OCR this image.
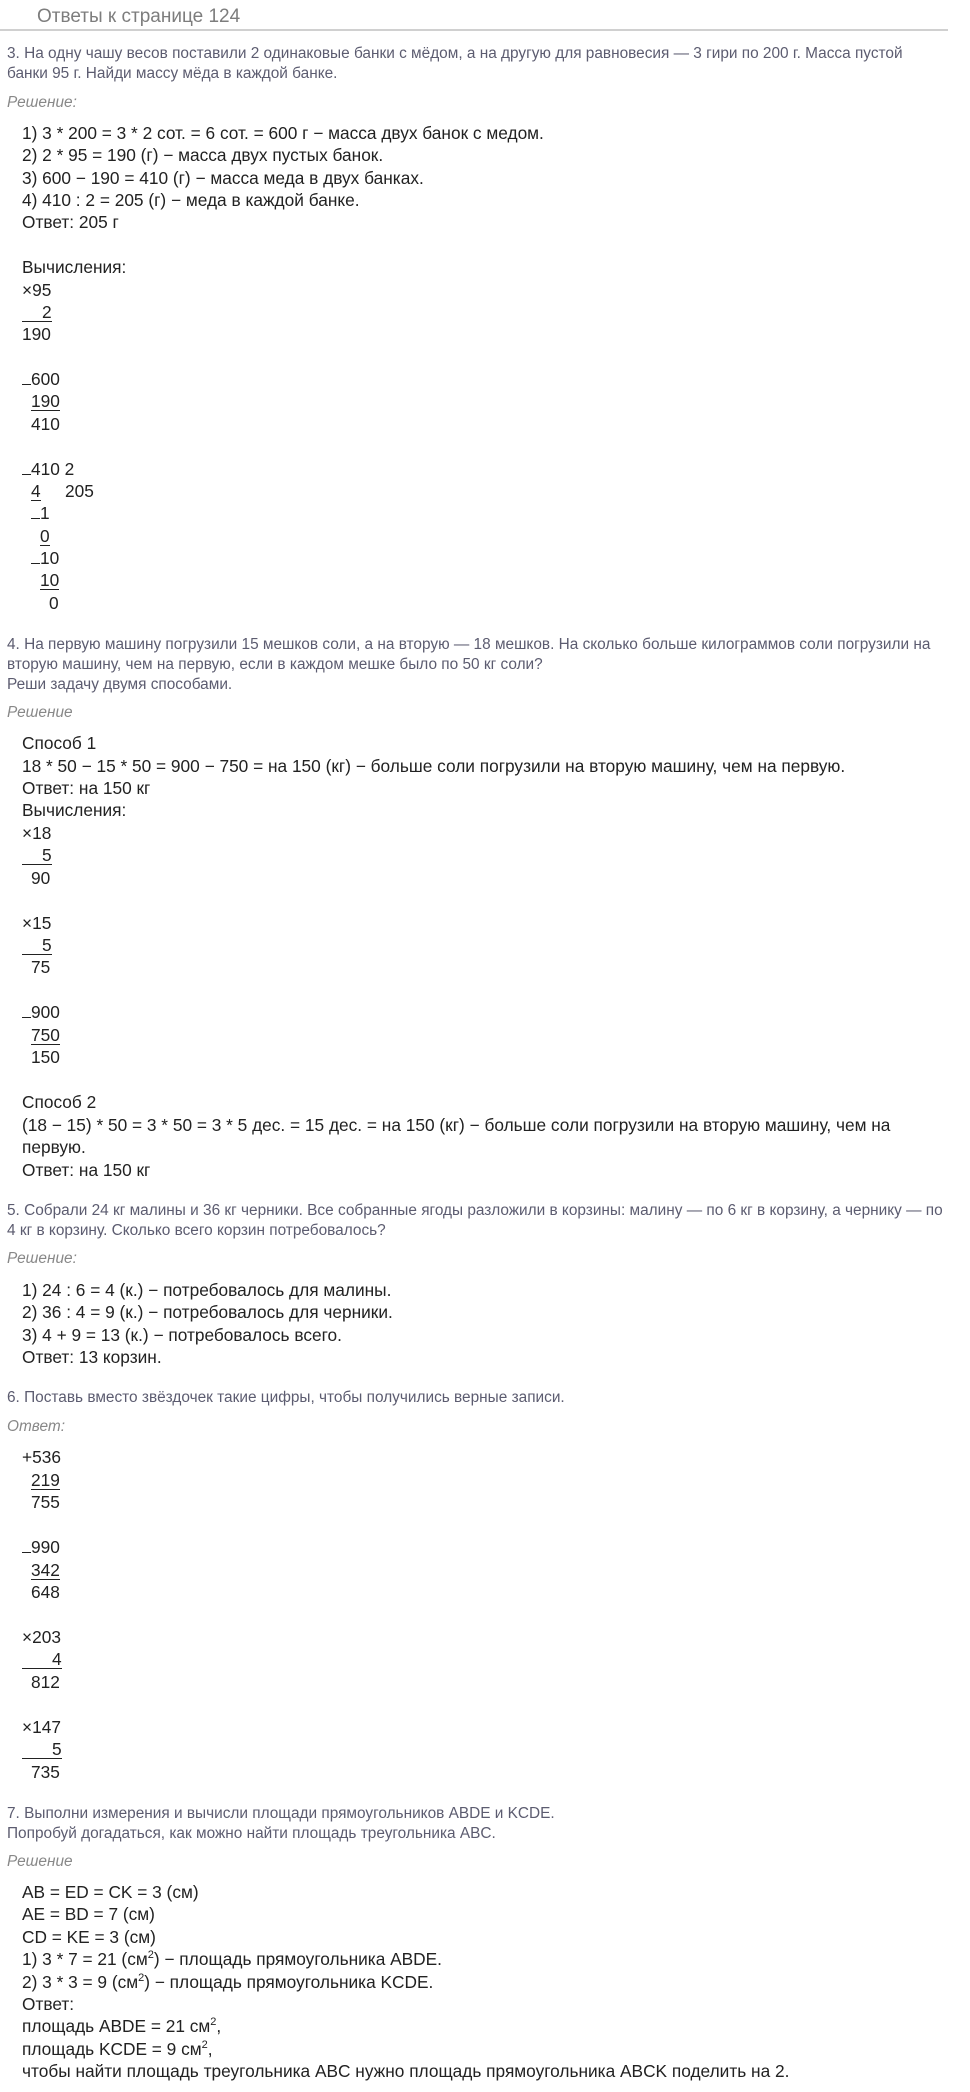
Ответы к странице 124
3. На одну чашу весов поставили 2 одинаковые банки с мёдом, а на другую для равновесия — 3 гири по 200 г. Масса пустой банки 95 г. Найди массу мёда в каждой банке.
Решение:
1) 3 * 200 = 3 * 2 сот. = 6 сот. = 600 г − масса двух банок с медом.
2) 2 * 95 = 190 (г) − масса двух пустых банок.
3) 600 − 190 = 410 (г) − масса меда в двух банках.
4) 410 : 2 = 205 (г) − меда в каждой банке.
Ответ: 205 г
Вычисления:
×95
2
190
600
190
410
410 2
4 205
1
0
10
10
0
4. На первую машину погрузили 15 мешков соли, а на вторую — 18 мешков. На сколько больше килограммов соли погрузили на вторую машину, чем на первую, если в каждом мешке было по 50 кг соли?
Реши задачу двумя способами.
Решение
Способ 1
18 * 50 − 15 * 50 = 900 − 750 = на 150 (кг) − больше соли погрузили на вторую машину, чем на первую.
Ответ: на 150 кг
Вычисления:
×18
5
90
×15
5
75
900
750
150
Способ 2
(18 − 15) * 50 = 3 * 50 = 3 * 5 дес. = 15 дес. = на 150 (кг) − больше соли погрузили на вторую машину, чем на
первую.
Ответ: на 150 кг
5. Собрали 24 кг малины и 36 кг черники. Все собранные ягоды разложили в корзины: малину — по 6 кг в корзину, а чернику — по 4 кг в корзину. Сколько всего корзин потребовалось?
Решение:
1) 24 : 6 = 4 (к.) − потребовалось для малины.
2) 36 : 4 = 9 (к.) − потребовалось для черники.
3) 4 + 9 = 13 (к.) − потребовалось всего.
Ответ: 13 корзин.
6. Поставь вместо звёздочек такие цифры, чтобы получились верные записи.
Ответ:
+536
219
755
990
342
648
×203
4
812
×147
5
735
7. Выполни измерения и вычисли площади прямоугольников ABDE и KCDE.
Попробуй догадаться, как можно найти площадь треугольника ABC.
Решение
AB = ED = CK = 3 (см)
AE = BD = 7 (см)
CD = KE = 3 (см)
1) 3 * 7 = 21 $(см^2)$ − площадь прямоугольника ABDE.
2) 3 * 3 = 9 $(см^2)$ − площадь прямоугольника KCDE.
Ответ:
площадь ABDE = 21 $см^2$,
площадь KCDE = 9 $см^2$,
чтобы найти площадь треугольника ABC нужно площадь прямоугольника ABCK поделить на 2.
